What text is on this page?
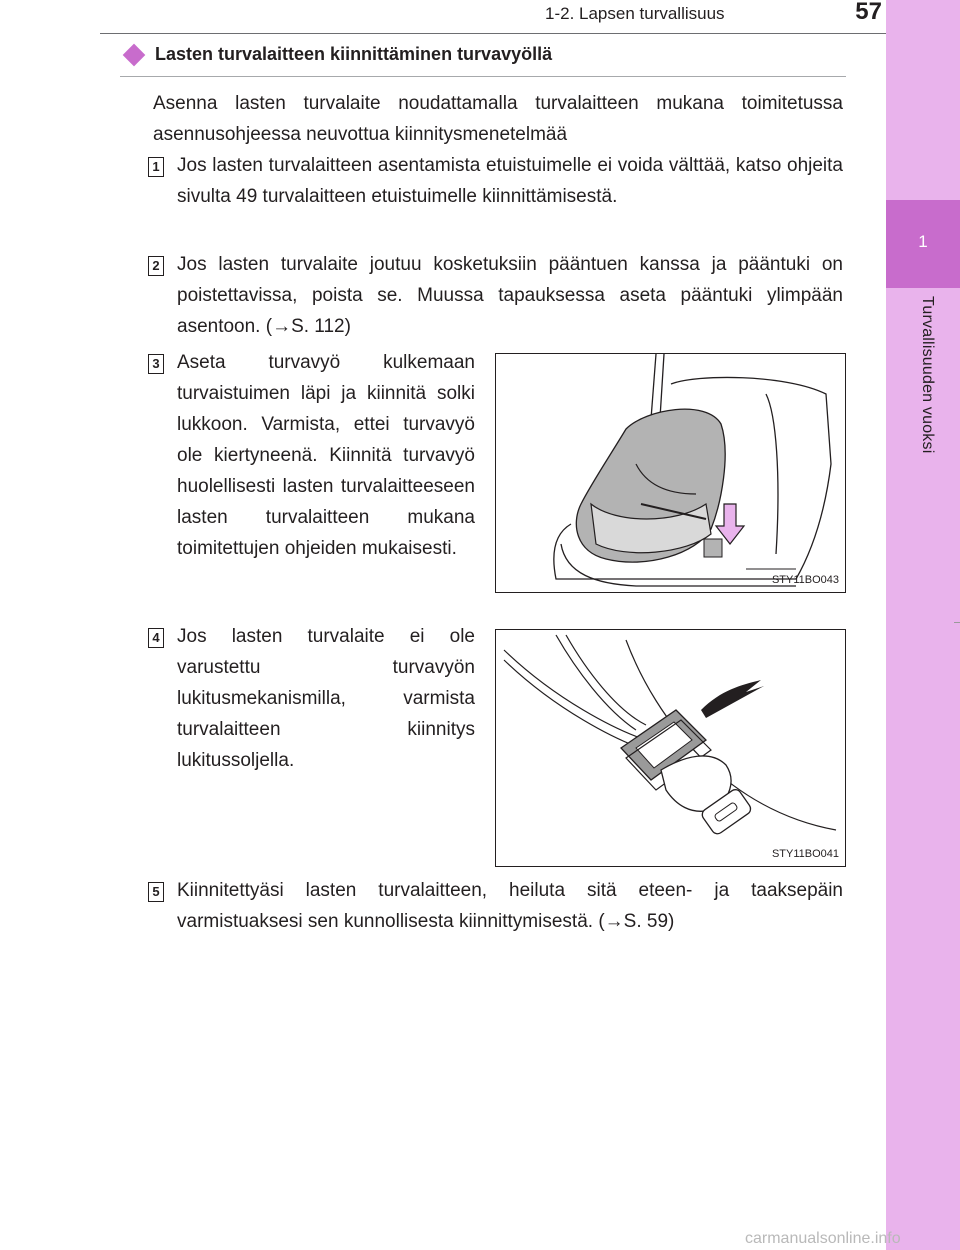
1
Turvallisuuden vuoksi
1-2. Lapsen turvallisuus	57
Lasten turvalaitteen kiinnittäminen turvavyöllä
Asenna lasten turvalaite noudattamalla turvalaitteen mukana toimitetussa asennusohjeessa neuvottua kiinnitysmenetelmää
1 Jos lasten turvalaitteen asentamista etuistuimelle ei voida välttää, katso ohjeita sivulta 49 turvalaitteen etuistuimelle kiinnittämisestä.
2 Jos lasten turvalaite joutuu kosketuksiin pääntuen kanssa ja pääntuki on poistettavissa, poista se. Muussa tapauksessa aseta pääntuki ylimpään asentoon. (→S. 112)
3 Aseta turvavyö kulkemaan turvaistuimen läpi ja kiinnitä solki lukkoon. Varmista, ettei turvavyö ole kiertyneenä. Kiinnitä turvavyö huolellisesti lasten turvalaitteeseen lasten turvalaitteen mukana toimitettujen ohjeiden mukaisesti.
STY11BO043
4 Jos lasten turvalaite ei ole varustettu turvavyön lukitusmekanismilla, varmista turvalaitteen kiinnitys lukitussoljella.
STY11BO041
5 Kiinnitettyäsi lasten turvalaitteen, heiluta sitä eteen- ja taaksepäin varmistuaksesi sen kunnollisesta kiinnittymisestä. (→S. 59)
carmanualsonline.info
